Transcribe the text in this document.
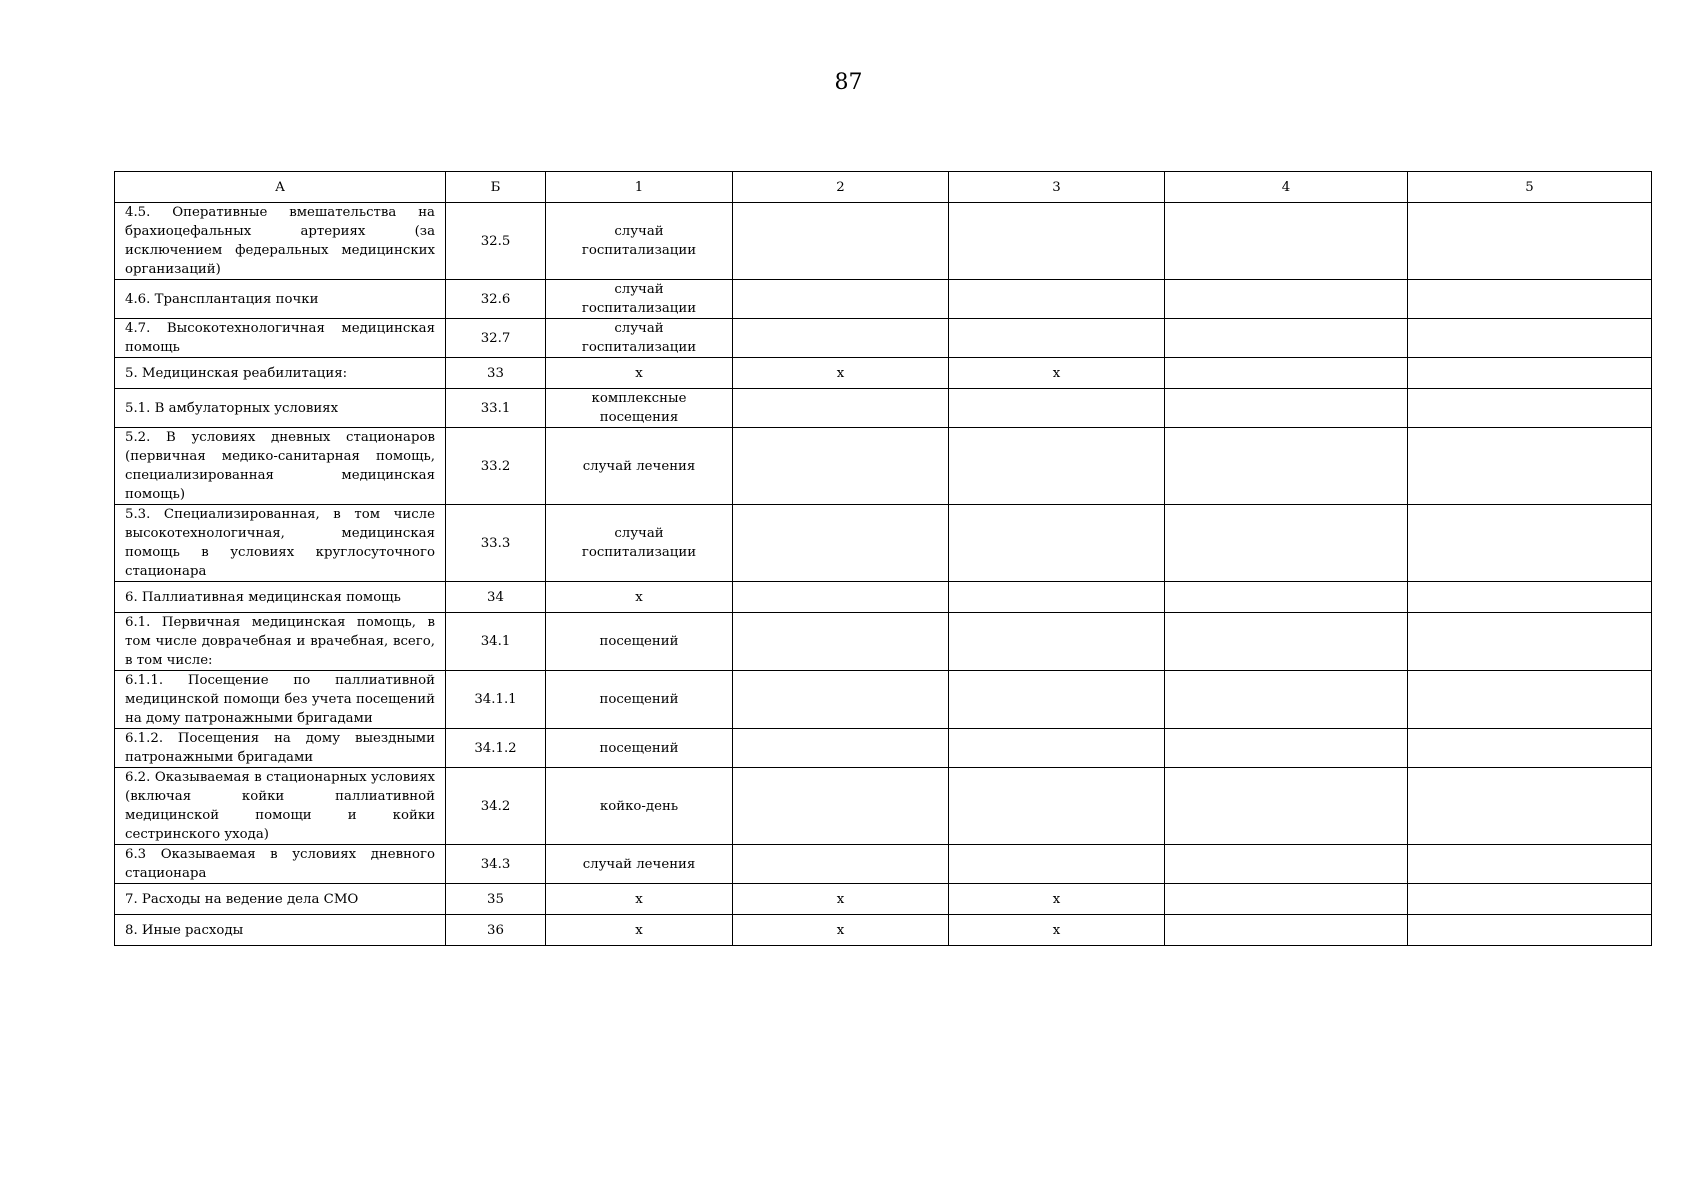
87
А	Б	1	2	3	4	5
4.5. Оперативные вмешательства на брахиоцефальных артериях (за исключением федеральных медицинских организаций)	32.5	случай госпитализации				
4.6. Трансплантация почки	32.6	случай госпитализации				
4.7. Высокотехнологичная медицинская помощь	32.7	случай госпитализации				
5. Медицинская реабилитация:	33	х	х	х		
5.1. В амбулаторных условиях	33.1	комплексные посещения				
5.2. В условиях дневных стационаров (первичная медико-санитарная помощь, специализированная медицинская помощь)	33.2	случай лечения				
5.3. Специализированная, в том числе высокотехнологичная, медицинская помощь в условиях круглосуточного стационара	33.3	случай госпитализации				
6. Паллиативная медицинская помощь	34	х				
6.1. Первичная медицинская помощь, в том числе доврачебная и врачебная, всего, в том числе:	34.1	посещений				
6.1.1. Посещение по паллиативной медицинской помощи без учета посещений на дому патронажными бригадами	34.1.1	посещений				
6.1.2. Посещения на дому выездными патронажными бригадами	34.1.2	посещений				
6.2. Оказываемая в стационарных условиях (включая койки паллиативной медицинской помощи и койки сестринского ухода)	34.2	койко-день				
6.3 Оказываемая в условиях дневного стационара	34.3	случай лечения				
7. Расходы на ведение дела СМО	35	х	х	х		
8. Иные расходы	36	х	х	х		
